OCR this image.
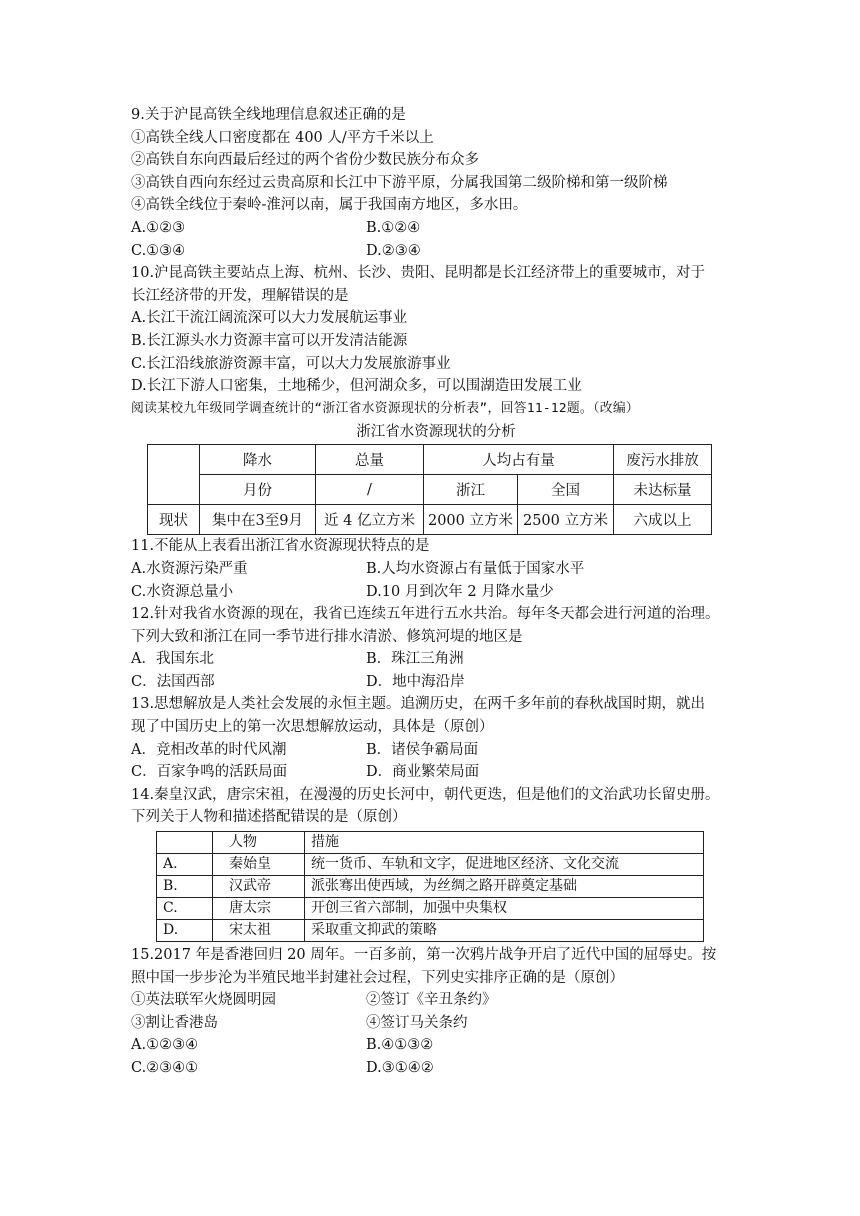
9.关于沪昆高铁全线地理信息叙述正确的是
①高铁全线人口密度都在 400 人/平方千米以上
②高铁自东向西最后经过的两个省份少数民族分布众多
③高铁自西向东经过云贵高原和长江中下游平原，分属我国第二级阶梯和第一级阶梯
④高铁全线位于秦岭-淮河以南，属于我国南方地区，多水田。
A.①②③	B.①②④
C.①③④	D.②③④
10.沪昆高铁主要站点上海、杭州、长沙、贵阳、昆明都是长江经济带上的重要城市，对于
长江经济带的开发，理解错误的是
A.长江干流江阔流深可以大力发展航运事业
B.长江源头水力资源丰富可以开发清洁能源
C.长江沿线旅游资源丰富，可以大力发展旅游事业
D.长江下游人口密集，土地稀少，但河湖众多，可以围湖造田发展工业
阅读某校九年级同学调查统计的“浙江省水资源现状的分析表”，回答11-12题。（改编）
浙江省水资源现状的分析
	降水	总量	人均占有量		废污水排放
	月份	/	浙江	全国	未达标量
现状	集中在3至9月	近 4 亿立方米	2000 立方米	2500 立方米	六成以上
11.不能从上表看出浙江省水资源现状特点的是
A.水资源污染严重	B.人均水资源占有量低于国家水平
C.水资源总量小	D.10 月到次年 2 月降水量少
12.针对我省水资源的现在，我省已连续五年进行五水共治。每年冬天都会进行河道的治理。
下列大致和浙江在同一季节进行排水清淤、修筑河堤的地区是
A．我国东北	B．珠江三角洲
C．法国西部	D．地中海沿岸
13.思想解放是人类社会发展的永恒主题。追溯历史，在两千多年前的春秋战国时期，就出
现了中国历史上的第一次思想解放运动，具体是（原创）
A．竞相改革的时代风潮	B．诸侯争霸局面
C．百家争鸣的活跃局面	D．商业繁荣局面
14.秦皇汉武，唐宗宋祖，在漫漫的历史长河中，朝代更迭，但是他们的文治武功长留史册。
下列关于人物和描述搭配错误的是（原创）
	人物	措施
A.	秦始皇	统一货币、车轨和文字，促进地区经济、文化交流
B.	汉武帝	派张骞出使西域，为丝绸之路开辟奠定基础
C.	唐太宗	开创三省六部制，加强中央集权
D.	宋太祖	采取重文抑武的策略
15.2017 年是香港回归 20 周年。一百多前，第一次鸦片战争开启了近代中国的屈辱史。按
照中国一步步沦为半殖民地半封建社会过程，下列史实排序正确的是（原创）
①英法联军火烧圆明园	②签订《辛丑条约》
③割让香港岛	④签订马关条约
A.①②③④	B.④①③②
C.②③④①	D.③①④②
